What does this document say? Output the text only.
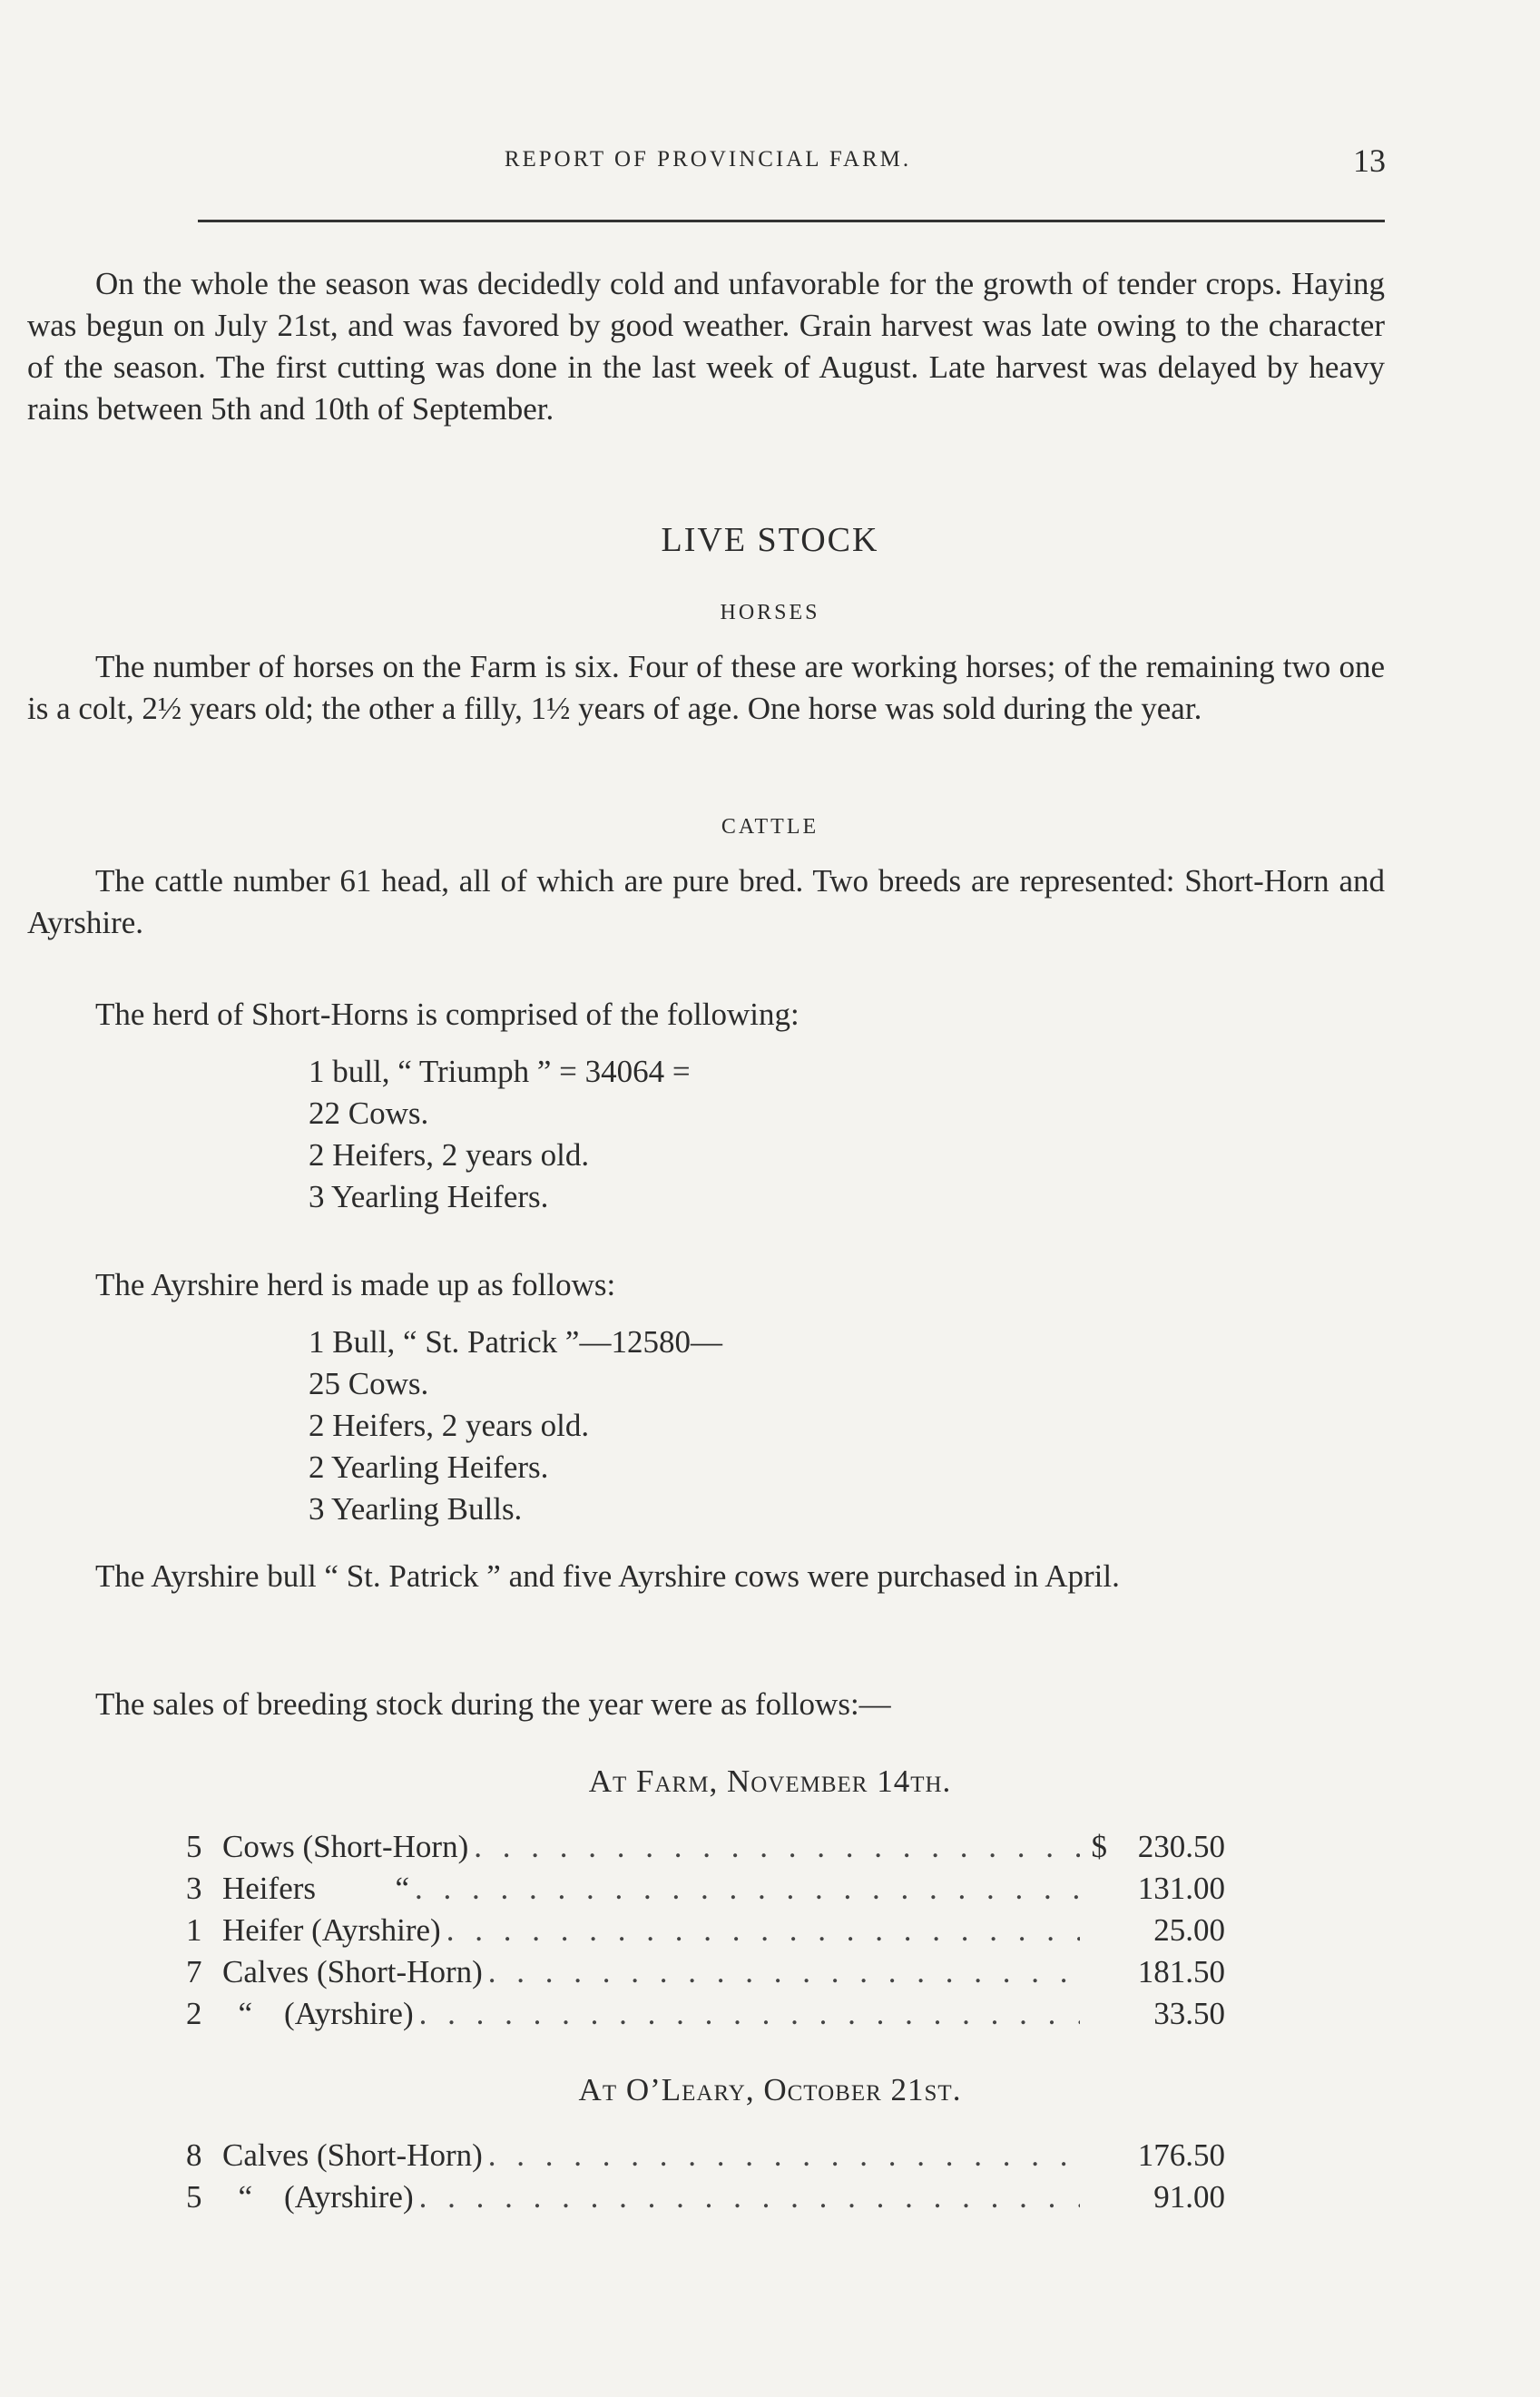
REPORT OF PROVINCIAL FARM.	13

On the whole the season was decidedly cold and unfavorable for the growth of tender crops. Haying was begun on July 21st, and was favored by good weather. Grain harvest was late owing to the character of the season. The first cutting was done in the last week of August. Late harvest was delayed by heavy rains between 5th and 10th of September.

LIVE STOCK
HORSES

The number of horses on the Farm is six. Four of these are working horses; of the remaining two one is a colt, 2½ years old; the other a filly, 1½ years of age. One horse was sold during the year.

CATTLE

The cattle number 61 head, all of which are pure bred. Two breeds are represented: Short-Horn and Ayrshire.

The herd of Short-Horns is comprised of the following:

1 bull, “ Triumph ” = 34064 =
22 Cows.
2 Heifers, 2 years old.
3 Yearling Heifers.

The Ayrshire herd is made up as follows:

1 Bull, “ St. Patrick ”—12580—
25 Cows.
2 Heifers, 2 years old.
2 Yearling Heifers.
3 Yearling Bulls.

The Ayrshire bull “ St. Patrick ” and five Ayrshire cows were purchased in April.

The sales of breeding stock during the year were as follows:—

At Farm, November 14th.
5 Cows (Short-Horn) . . .	$ 230.50
3 Heifers          “ . . .	131.00
1 Heifer (Ayrshire) . . .	25.00
7 Calves (Short-Horn) . . .	181.50
2 “    (Ayrshire) . . .	33.50
At O’Leary, October 21st.
8 Calves (Short-Horn) . . .	176.50
5 “    (Ayrshire) . . .	91.00
